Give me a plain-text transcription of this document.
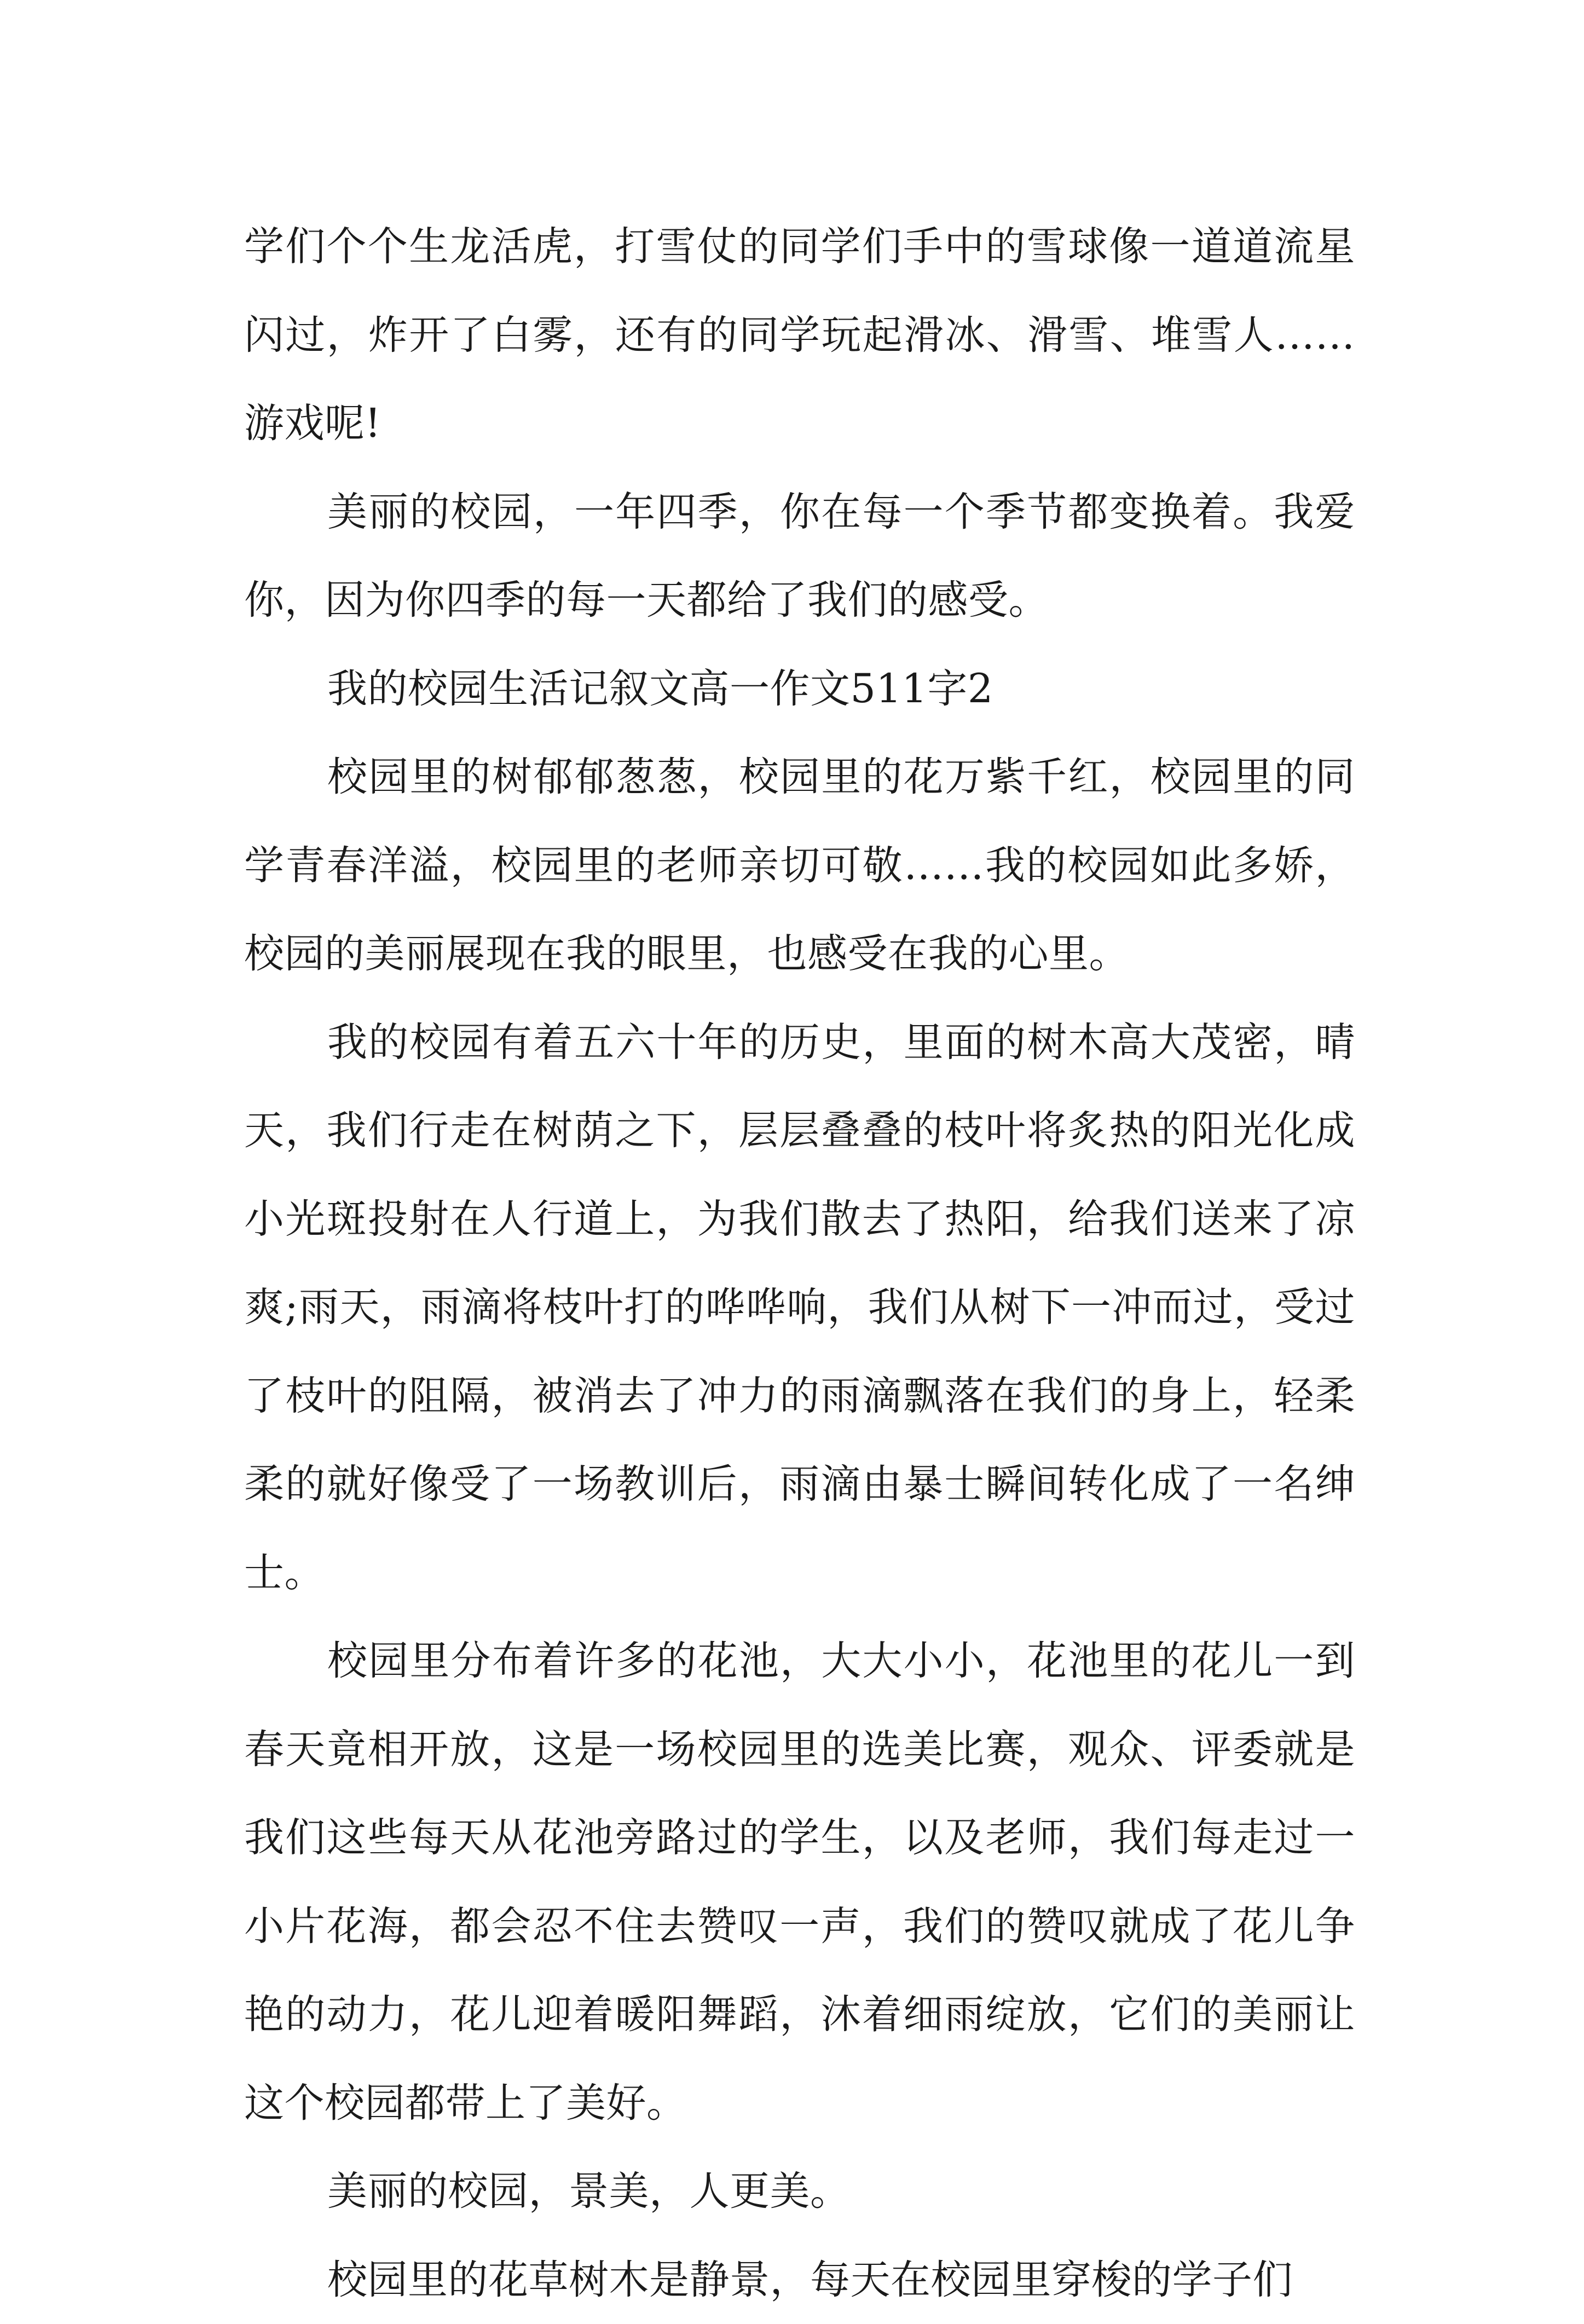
学们个个生龙活虎，打雪仗的同学们手中的雪球像一道道流星闪过，炸开了白雾，还有的同学玩起滑冰、滑雪、堆雪人……游戏呢!

美丽的校园，一年四季，你在每一个季节都变换着。我爱你，因为你四季的每一天都给了我们的感受。

我的校园生活记叙文高一作文511字2

校园里的树郁郁葱葱，校园里的花万紫千红，校园里的同学青春洋溢，校园里的老师亲切可敬……我的校园如此多娇，校园的美丽展现在我的眼里，也感受在我的心里。

我的校园有着五六十年的历史，里面的树木高大茂密，晴天，我们行走在树荫之下，层层叠叠的枝叶将炙热的阳光化成小光斑投射在人行道上，为我们散去了热阳，给我们送来了凉爽;雨天，雨滴将枝叶打的哗哗响，我们从树下一冲而过，受过了枝叶的阻隔，被消去了冲力的雨滴飘落在我们的身上，轻柔柔的就好像受了一场教训后，雨滴由暴士瞬间转化成了一名绅士。

校园里分布着许多的花池，大大小小，花池里的花儿一到春天竟相开放，这是一场校园里的选美比赛，观众、评委就是我们这些每天从花池旁路过的学生，以及老师，我们每走过一小片花海，都会忍不住去赞叹一声，我们的赞叹就成了花儿争艳的动力，花儿迎着暖阳舞蹈，沐着细雨绽放，它们的美丽让这个校园都带上了美好。

美丽的校园，景美，人更美。

校园里的花草树木是静景，每天在校园里穿梭的学子们
